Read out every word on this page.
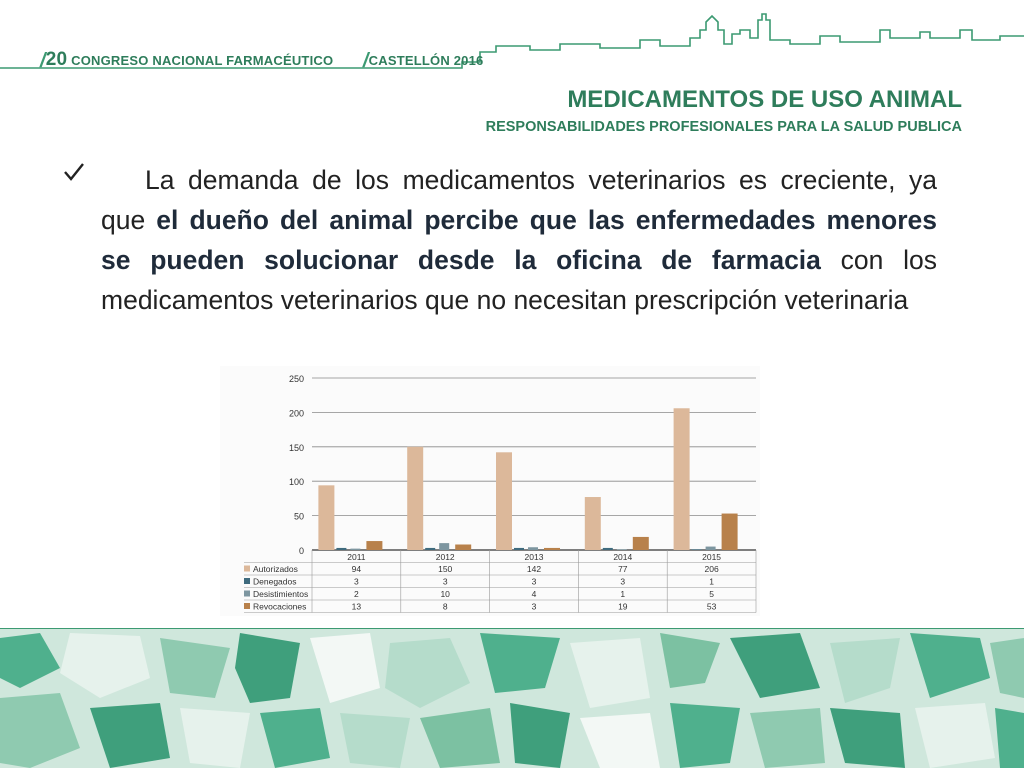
/20 CONGRESO NACIONAL FARMACÉUTICO /CASTELLÓN 2016
MEDICAMENTOS DE USO ANIMAL
RESPONSABILIDADES PROFESIONALES PARA LA SALUD PUBLICA
La demanda de los medicamentos veterinarios es creciente, ya que el dueño del animal percibe que las enfermedades menores se pueden solucionar desde la oficina de farmacia con los medicamentos veterinarios que no necesitan prescripción veterinaria
0
50
100
150
200
250
2011	2012	2013	2014	2015
Autorizados	94	150	142	77	206
Denegados	3	3	3	3	1
Desistimientos	2	10	4	1	5
Revocaciones	13	8	3	19	53
